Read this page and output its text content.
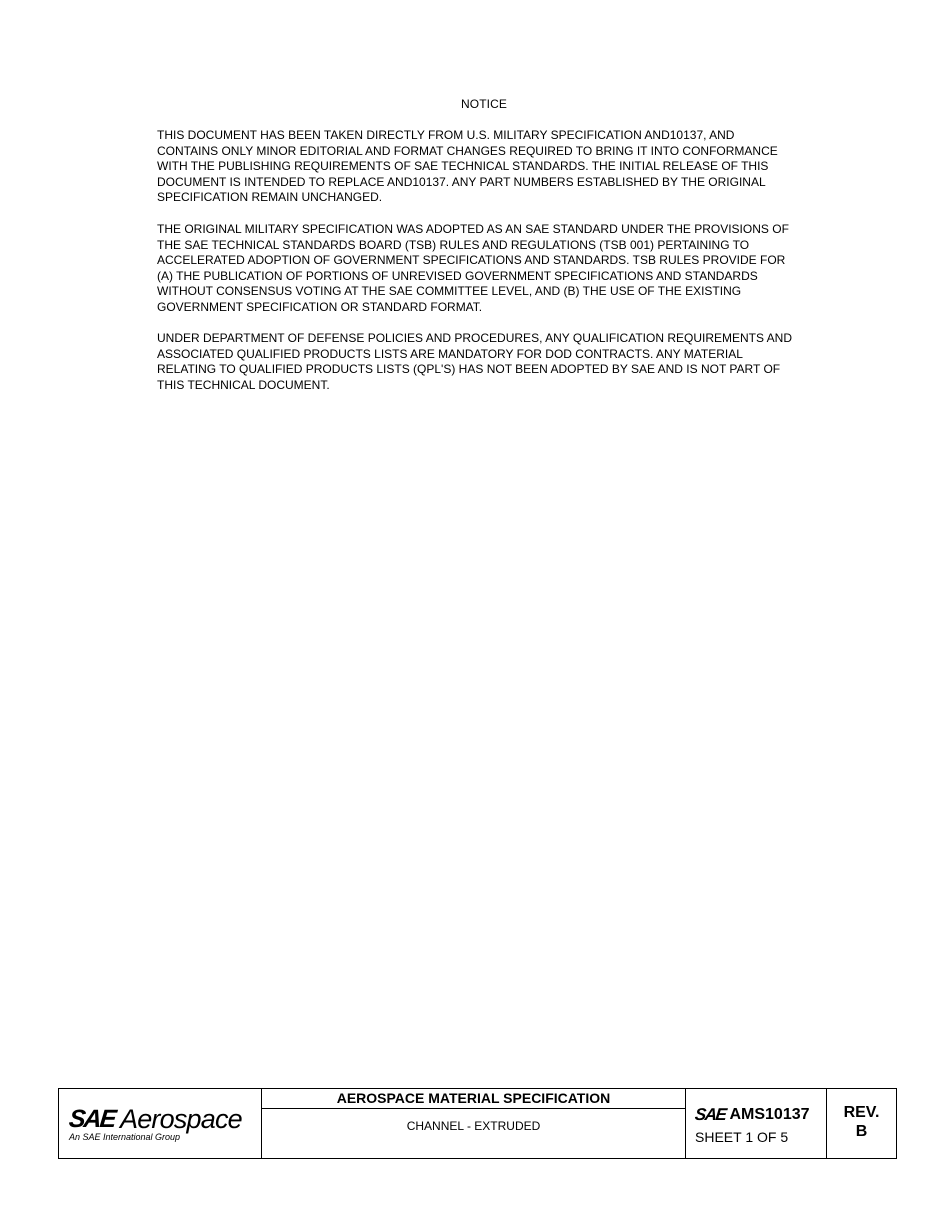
NOTICE

THIS DOCUMENT HAS BEEN TAKEN DIRECTLY FROM U.S. MILITARY SPECIFICATION AND10137, AND
CONTAINS ONLY MINOR EDITORIAL AND FORMAT CHANGES REQUIRED TO BRING IT INTO CONFORMANCE
WITH THE PUBLISHING REQUIREMENTS OF SAE TECHNICAL STANDARDS. THE INITIAL RELEASE OF THIS
DOCUMENT IS INTENDED TO REPLACE AND10137. ANY PART NUMBERS ESTABLISHED BY THE ORIGINAL
SPECIFICATION REMAIN UNCHANGED.

THE ORIGINAL MILITARY SPECIFICATION WAS ADOPTED AS AN SAE STANDARD UNDER THE PROVISIONS OF
THE SAE TECHNICAL STANDARDS BOARD (TSB) RULES AND REGULATIONS (TSB 001) PERTAINING TO
ACCELERATED ADOPTION OF GOVERNMENT SPECIFICATIONS AND STANDARDS. TSB RULES PROVIDE FOR
(A) THE PUBLICATION OF PORTIONS OF UNREVISED GOVERNMENT SPECIFICATIONS AND STANDARDS
WITHOUT CONSENSUS VOTING AT THE SAE COMMITTEE LEVEL, AND (B) THE USE OF THE EXISTING
GOVERNMENT SPECIFICATION OR STANDARD FORMAT.

UNDER DEPARTMENT OF DEFENSE POLICIES AND PROCEDURES, ANY QUALIFICATION REQUIREMENTS AND
ASSOCIATED QUALIFIED PRODUCTS LISTS ARE MANDATORY FOR DOD CONTRACTS. ANY MATERIAL
RELATING TO QUALIFIED PRODUCTS LISTS (QPL'S) HAS NOT BEEN ADOPTED BY SAE AND IS NOT PART OF
THIS TECHNICAL DOCUMENT.

SAE Aerospace
An SAE International Group
AEROSPACE MATERIAL SPECIFICATION
CHANNEL - EXTRUDED
SAE AMS10137
SHEET 1 OF 5
REV.
B
